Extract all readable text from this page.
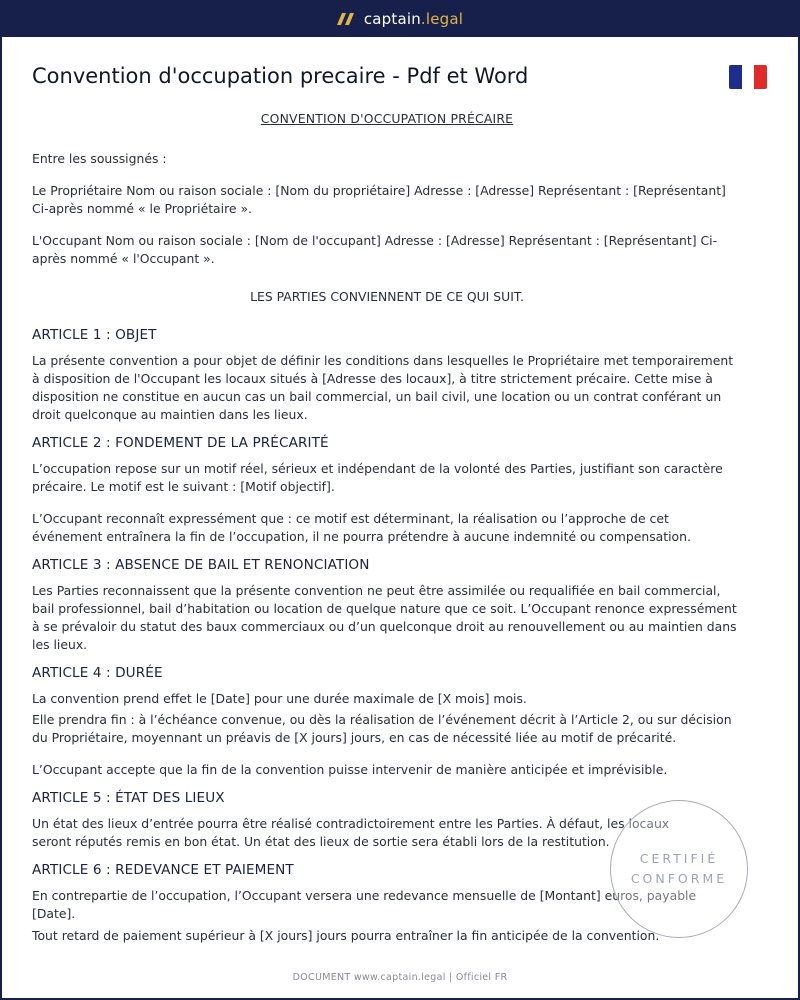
captain.legal
Convention d'occupation precaire - Pdf et Word

CONVENTION D'OCCUPATION PRÉCAIRE

Entre les soussignés :

Le Propriétaire Nom ou raison sociale : [Nom du propriétaire] Adresse : [Adresse] Représentant : [Représentant] Ci-après nommé « le Propriétaire ».

L'Occupant Nom ou raison sociale : [Nom de l'occupant] Adresse : [Adresse] Représentant : [Représentant] Ci-après nommé « l'Occupant ».

LES PARTIES CONVIENNENT DE CE QUI SUIT.

ARTICLE 1 : OBJET

La présente convention a pour objet de définir les conditions dans lesquelles le Propriétaire met temporairement à disposition de l'Occupant les locaux situés à [Adresse des locaux], à titre strictement précaire. Cette mise à disposition ne constitue en aucun cas un bail commercial, un bail civil, une location ou un contrat conférant un droit quelconque au maintien dans les lieux.

ARTICLE 2 : FONDEMENT DE LA PRÉCARITÉ

L’occupation repose sur un motif réel, sérieux et indépendant de la volonté des Parties, justifiant son caractère précaire. Le motif est le suivant : [Motif objectif].

L’Occupant reconnaît expressément que : ce motif est déterminant, la réalisation ou l’approche de cet événement entraînera la fin de l’occupation, il ne pourra prétendre à aucune indemnité ou compensation.

ARTICLE 3 : ABSENCE DE BAIL ET RENONCIATION

Les Parties reconnaissent que la présente convention ne peut être assimilée ou requalifiée en bail commercial, bail professionnel, bail d’habitation ou location de quelque nature que ce soit. L’Occupant renonce expressément à se prévaloir du statut des baux commerciaux ou d’un quelconque droit au renouvellement ou au maintien dans les lieux.

ARTICLE 4 : DURÉE

La convention prend effet le [Date] pour une durée maximale de [X mois] mois.

Elle prendra fin : à l’échéance convenue, ou dès la réalisation de l’événement décrit à l’Article 2, ou sur décision du Propriétaire, moyennant un préavis de [X jours] jours, en cas de nécessité liée au motif de précarité.

L’Occupant accepte que la fin de la convention puisse intervenir de manière anticipée et imprévisible.

ARTICLE 5 : ÉTAT DES LIEUX

Un état des lieux d’entrée pourra être réalisé contradictoirement entre les Parties. À défaut, les locaux seront réputés remis en bon état. Un état des lieux de sortie sera établi lors de la restitution.

ARTICLE 6 : REDEVANCE ET PAIEMENT

En contrepartie de l’occupation, l’Occupant versera une redevance mensuelle de [Montant] euros, payable [Date].

Tout retard de paiement supérieur à [X jours] jours pourra entraîner la fin anticipée de la convention.

CERTIFIÉ
CONFORME
DOCUMENT www.captain.legal | Officiel FR
